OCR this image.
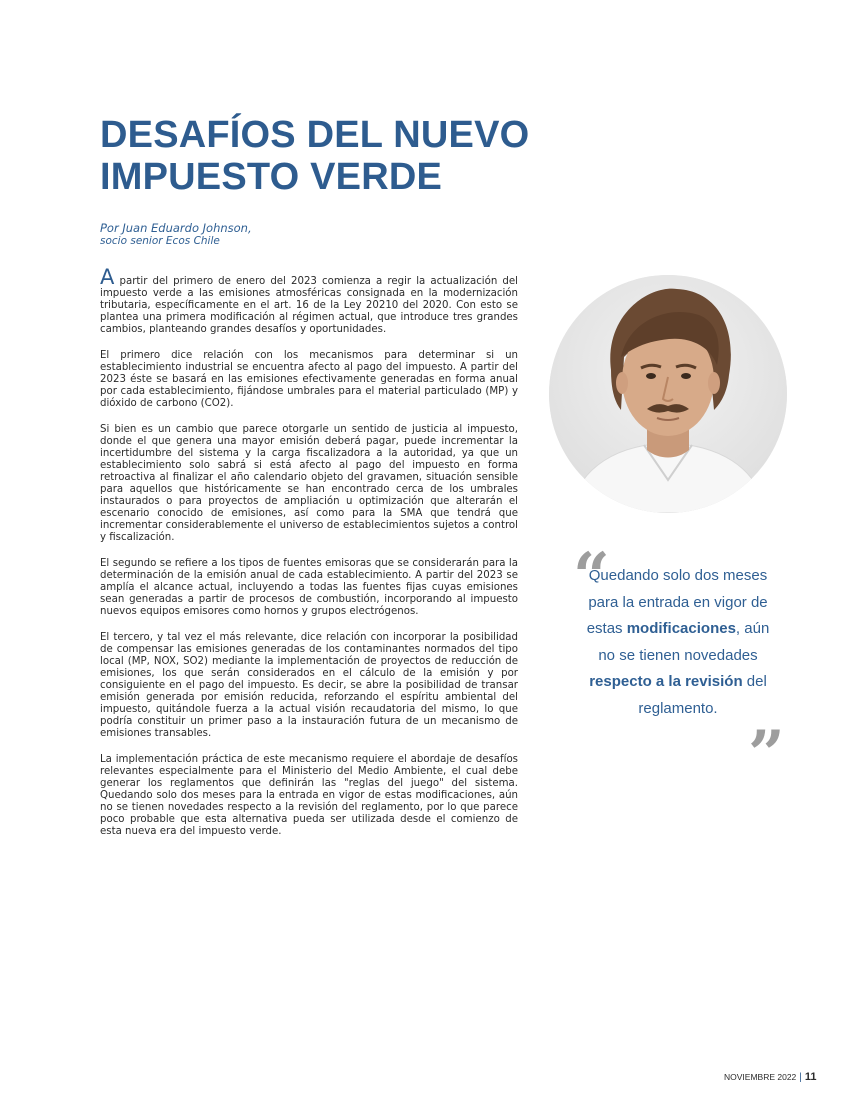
DESAFÍOS DEL NUEVO
IMPUESTO VERDE
Por Juan Eduardo Johnson,
socio senior Ecos Chile

A partir del primero de enero del 2023 comienza a regir la actualización del impuesto verde a las emisiones atmosféricas consignada en la modernización tributaria, específicamente en el art. 16 de la Ley 20210 del 2020. Con esto se plantea una primera modificación al régimen actual, que introduce tres grandes cambios, planteando grandes desafíos y oportunidades.

El primero dice relación con los mecanismos para determinar si un establecimiento industrial se encuentra afecto al pago del impuesto. A partir del 2023 éste se basará en las emisiones efectivamente generadas en forma anual por cada establecimiento, fijándose umbrales para el material particulado (MP) y dióxido de carbono (CO2).

Si bien es un cambio que parece otorgarle un sentido de justicia al impuesto, donde el que genera una mayor emisión deberá pagar, puede incrementar la incertidumbre del sistema y la carga fiscalizadora a la autoridad, ya que un establecimiento solo sabrá si está afecto al pago del impuesto en forma retroactiva al finalizar el año calendario objeto del gravamen, situación sensible para aquellos que históricamente se han encontrado cerca de los umbrales instaurados o para proyectos de ampliación u optimización que alterarán el escenario conocido de emisiones, así como para la SMA que tendrá que incrementar considerablemente el universo de establecimientos sujetos a control y fiscalización.

El segundo se refiere a los tipos de fuentes emisoras que se considerarán para la determinación de la emisión anual de cada establecimiento. A partir del 2023 se amplía el alcance actual, incluyendo a todas las fuentes fijas cuyas emisiones sean generadas a partir de procesos de combustión, incorporando al impuesto nuevos equipos emisores como hornos y grupos electrógenos.

El tercero, y tal vez el más relevante, dice relación con incorporar la posibilidad de compensar las emisiones generadas de los contaminantes normados del tipo local (MP, NOX, SO2) mediante la implementación de proyectos de reducción de emisiones, los que serán considerados en el cálculo de la emisión y por consiguiente en el pago del impuesto. Es decir, se abre la posibilidad de transar emisión generada por emisión reducida, reforzando el espíritu ambiental del impuesto, quitándole fuerza a la actual visión recaudatoria del mismo, lo que podría constituir un primer paso a la instauración futura de un mecanismo de emisiones transables.

La implementación práctica de este mecanismo requiere el abordaje de desafíos relevantes especialmente para el Ministerio del Medio Ambiente, el cual debe generar los reglamentos que definirán las "reglas del juego" del sistema. Quedando solo dos meses para la entrada en vigor de estas modificaciones, aún no se tienen novedades respecto a la revisión del reglamento, por lo que parece poco probable que esta alternativa pueda ser utilizada desde el comienzo de esta nueva era del impuesto verde.

“
Quedando solo dos meses para la entrada en vigor de estas modificaciones, aún no se tienen novedades respecto a la revisión del reglamento.
”
NOVIEMBRE 2022 | 11
